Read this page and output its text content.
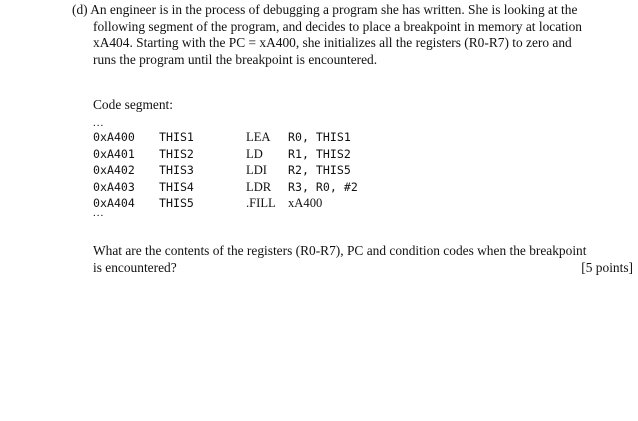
(d) An engineer is in the process of debugging a program she has written. She is looking at the
following segment of the program, and decides to place a breakpoint in memory at location
xA404. Starting with the PC = xA400, she initializes all the registers (R0-R7) to zero and
runs the program until the breakpoint is encountered.
Code segment:
...
0xA400 THIS1	LEA R0, THIS1
0xA401 THIS2	LD R1, THIS2
0xA402 THIS3	LDI R2, THIS5
0xA403 THIS4	LDR R3, R0, #2
0xA404 THIS5	.FILL xA400
...
What are the contents of the registers (R0-R7), PC and condition codes when the breakpoint
is encountered?	[5 points]
